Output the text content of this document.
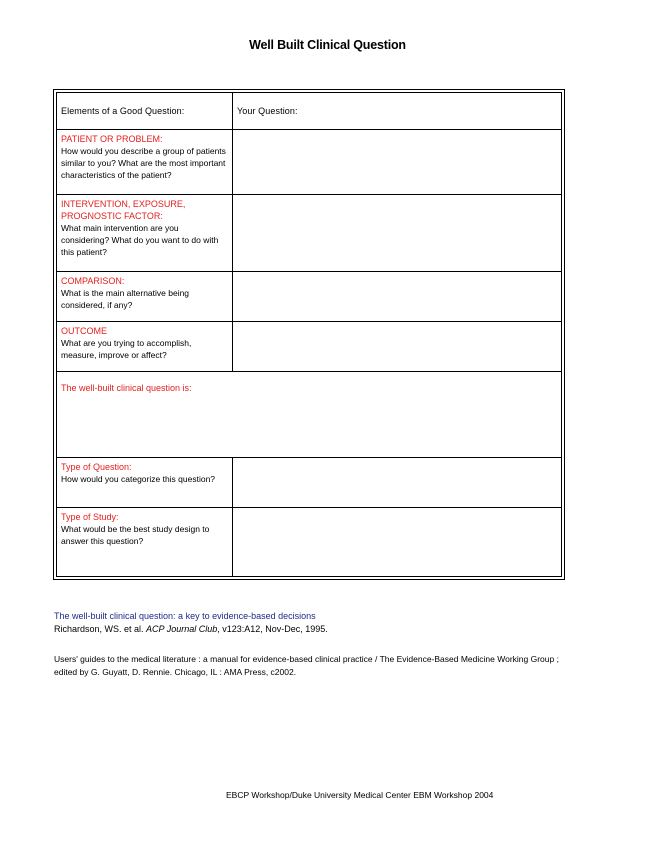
Well Built Clinical Question
Elements of a Good Question:	Your Question:

PATIENT OR PROBLEM:
How would you describe a group of patients similar to you? What are the most important characteristics of the patient?	

INTERVENTION, EXPOSURE, PROGNOSTIC FACTOR:
What main intervention are you considering? What do you want to do with this patient?	

COMPARISON:
What is the main alternative being considered, if any?	

OUTCOME
What are you trying to accomplish, measure, improve or affect?	

The well-built clinical question is:	

Type of Question:
How would you categorize this question?	

Type of Study:
What would be the best study design to answer this question?	

The well-built clinical question: a key to evidence-based decisions
Richardson, WS. et al. ACP Journal Club, v123:A12, Nov-Dec, 1995.
Users' guides to the medical literature : a manual for evidence-based clinical practice / The Evidence-Based Medicine Working Group ; edited by G. Guyatt, D. Rennie. Chicago, IL : AMA Press, c2002.
EBCP Workshop/Duke University Medical Center EBM Workshop 2004
